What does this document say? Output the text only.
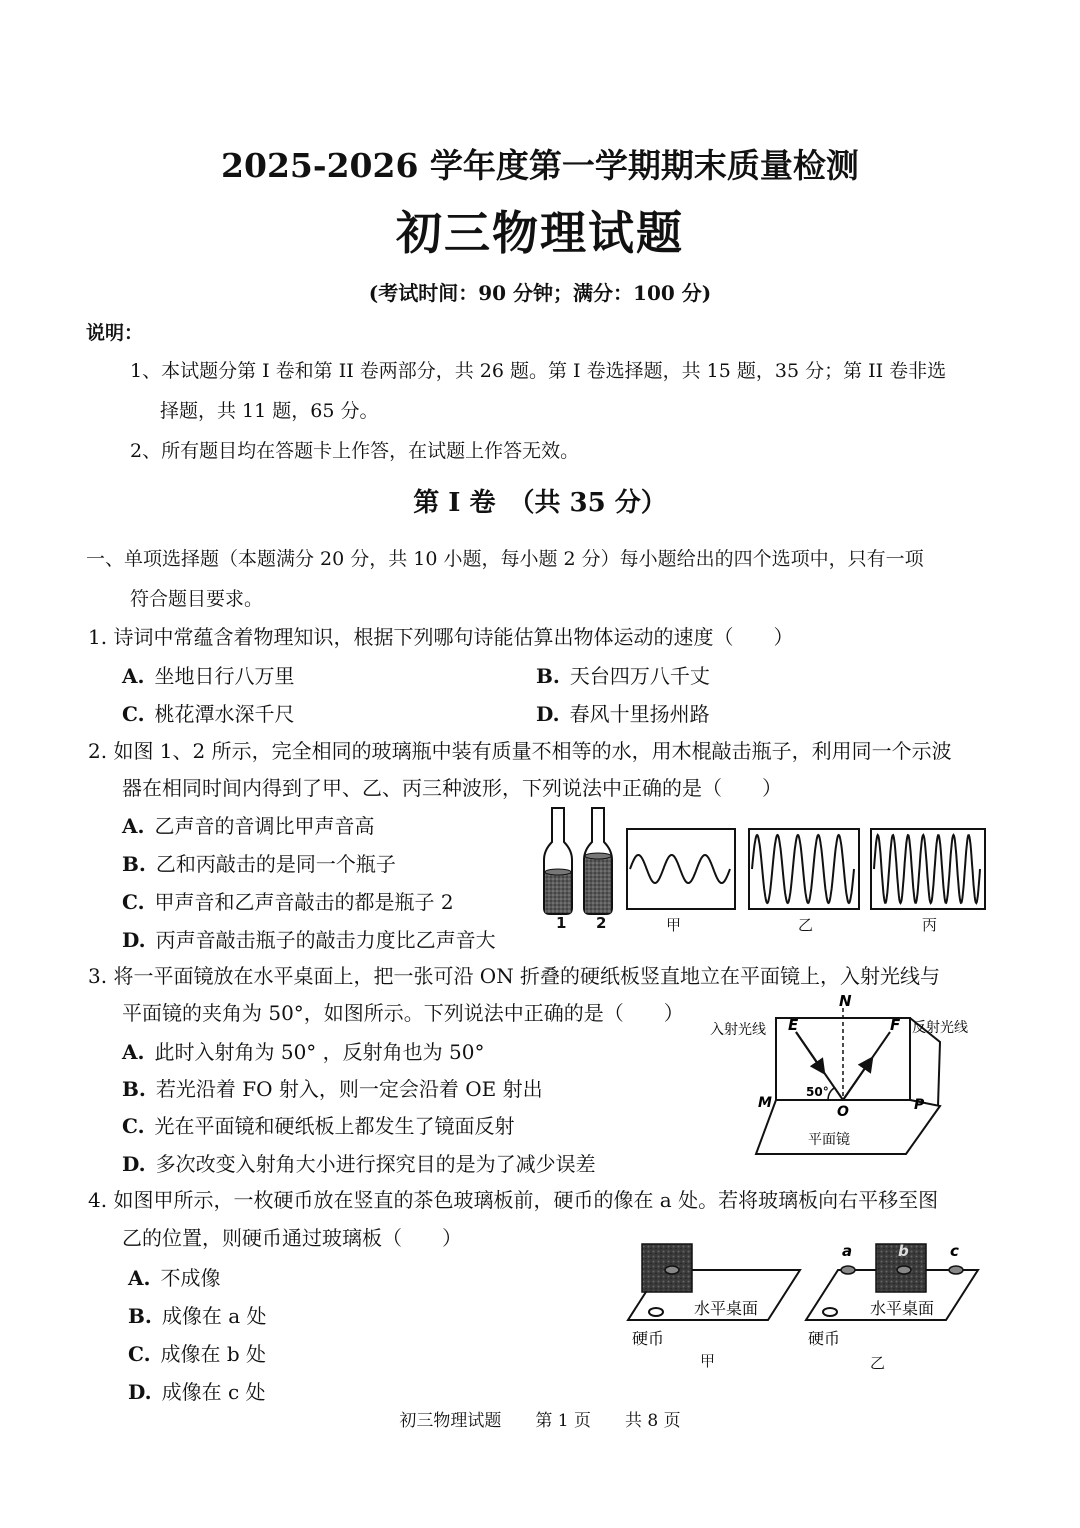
2025-2026 学年度第一学期期末质量检测
初三物理试题
(考试时间：90 分钟；满分：100 分)
说明：
1、本试题分第 I 卷和第 II 卷两部分，共 26 题。第 I 卷选择题，共 15 题，35 分；第 II 卷非选
择题，共 11 题，65 分。
2、所有题目均在答题卡上作答，在试题上作答无效。
第 I 卷　（共 35 分）
一、单项选择题（本题满分 20 分，共 10 小题，每小题 2 分）每小题给出的四个选项中，只有一项
符合题目要求。
1. 诗词中常蕴含着物理知识，根据下列哪句诗能估算出物体运动的速度（　　）
A. 坐地日行八万里	B. 天台四万八千丈
C. 桃花潭水深千尺	D. 春风十里扬州路
2. 如图 1、2 所示，完全相同的玻璃瓶中装有质量不相等的水，用木棍敲击瓶子，利用同一个示波
器在相同时间内得到了甲、乙、丙三种波形，下列说法中正确的是（　　）
A. 乙声音的音调比甲声音高
B. 乙和丙敲击的是同一个瓶子
C. 甲声音和乙声音敲击的都是瓶子 2
D. 丙声音敲击瓶子的敲击力度比乙声音大
1 2	甲	乙	丙
3. 将一平面镜放在水平桌面上，把一张可沿 ON 折叠的硬纸板竖直地立在平面镜上，入射光线与
平面镜的夹角为 50°，如图所示。下列说法中正确的是（　　）
A. 此时入射角为 50° ，反射角也为 50°
B. 若光沿着 FO 射入，则一定会沿着 OE 射出
C. 光在平面镜和硬纸板上都发生了镜面反射
D. 多次改变入射角大小进行探究目的是为了减少误差
N
E	F
M
O	P
50°
平面镜
入射光线	反射光线
4. 如图甲所示，一枚硬币放在竖直的茶色玻璃板前，硬币的像在 a 处。若将玻璃板向右平移至图
乙的位置，则硬币通过玻璃板（　　）
A. 不成像
B. 成像在 a 处
C. 成像在 b 处
D. 成像在 c 处
水平桌面
硬币
甲
a	b	c
水平桌面
硬币
乙
初三物理试题　　第 1 页　　共 8 页
